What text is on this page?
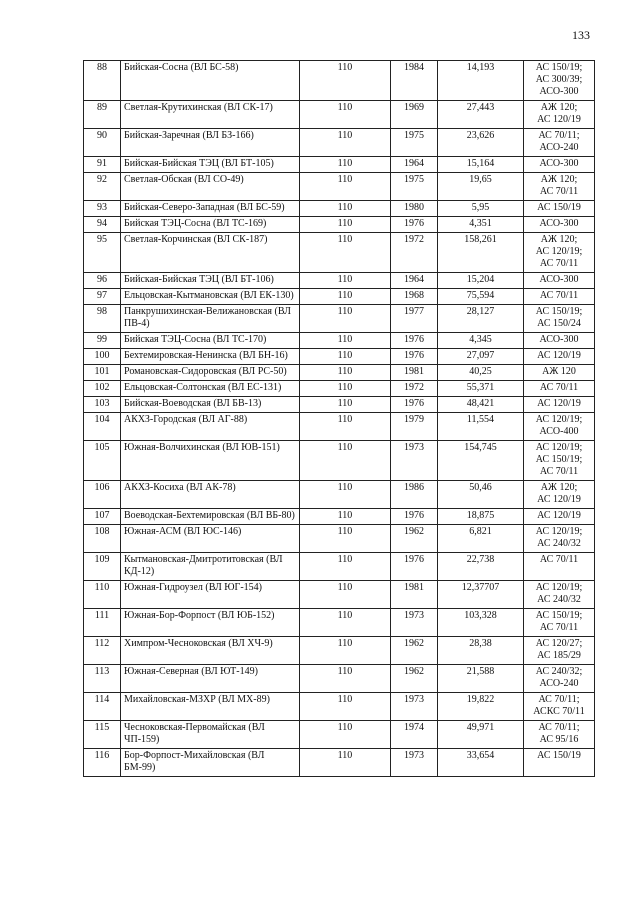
133
88	Бийская-Сосна (ВЛ БС-58)	110	1984	14,193	АС 150/19;
АС 300/39;
АСО-300
89	Светлая-Крутихинская (ВЛ СК-17)	110	1969	27,443	АЖ 120;
АС 120/19
90	Бийская-Заречная (ВЛ БЗ-166)	110	1975	23,626	АС 70/11;
АСО-240
91	Бийская-Бийская ТЭЦ (ВЛ БТ-105)	110	1964	15,164	АСО-300
92	Светлая-Обская (ВЛ СО-49)	110	1975	19,65	АЖ 120;
АС 70/11
93	Бийская-Северо-Западная (ВЛ БС-59)	110	1980	5,95	АС 150/19
94	Бийская ТЭЦ-Сосна (ВЛ ТС-169)	110	1976	4,351	АСО-300
95	Светлая-Корчинская (ВЛ СК-187)	110	1972	158,261	АЖ 120;
АС 120/19;
АС 70/11
96	Бийская-Бийская ТЭЦ (ВЛ БТ-106)	110	1964	15,204	АСО-300
97	Ельцовская-Кытмановская (ВЛ ЕК-130)	110	1968	75,594	АС 70/11
98	Панкрушихинская-Велижановская (ВЛ ПВ-4)	110	1977	28,127	АС 150/19;
АС 150/24
99	Бийская ТЭЦ-Сосна (ВЛ ТС-170)	110	1976	4,345	АСО-300
100	Бехтемировская-Ненинска (ВЛ БН-16)	110	1976	27,097	АС 120/19
101	Романовская-Сидоровская (ВЛ РС-50)	110	1981	40,25	АЖ 120
102	Ельцовская-Солтонская (ВЛ ЕС-131)	110	1972	55,371	АС 70/11
103	Бийская-Воеводская (ВЛ БВ-13)	110	1976	48,421	АС 120/19
104	АКХЗ-Городская (ВЛ АГ-88)	110	1979	11,554	АС 120/19;
АСО-400
105	Южная-Волчихинская (ВЛ ЮВ-151)	110	1973	154,745	АС 120/19;
АС 150/19;
АС 70/11
106	АКХЗ-Косиха (ВЛ АК-78)	110	1986	50,46	АЖ 120;
АС 120/19
107	Воеводская-Бехтемировская (ВЛ ВБ-80)	110	1976	18,875	АС 120/19
108	Южная-АСМ (ВЛ ЮС-146)	110	1962	6,821	АС 120/19;
АС 240/32
109	Кытмановская-Дмитротитовская (ВЛ КД-12)	110	1976	22,738	АС 70/11
110	Южная-Гидроузел (ВЛ ЮГ-154)	110	1981	12,37707	АС 120/19;
АС 240/32
111	Южная-Бор-Форпост (ВЛ ЮБ-152)	110	1973	103,328	АС 150/19;
АС 70/11
112	Химпром-Чесноковская (ВЛ ХЧ-9)	110	1962	28,38	АС 120/27;
АС 185/29
113	Южная-Северная (ВЛ ЮТ-149)	110	1962	21,588	АС 240/32;
АСО-240
114	Михайловская-МЗХР (ВЛ МХ-89)	110	1973	19,822	АС 70/11;
АСКС 70/11
115	Чесноковская-Первомайская (ВЛ ЧП-159)	110	1974	49,971	АС 70/11;
АС 95/16
116	Бор-Форпост-Михайловская (ВЛ БМ-99)	110	1973	33,654	АС 150/19
